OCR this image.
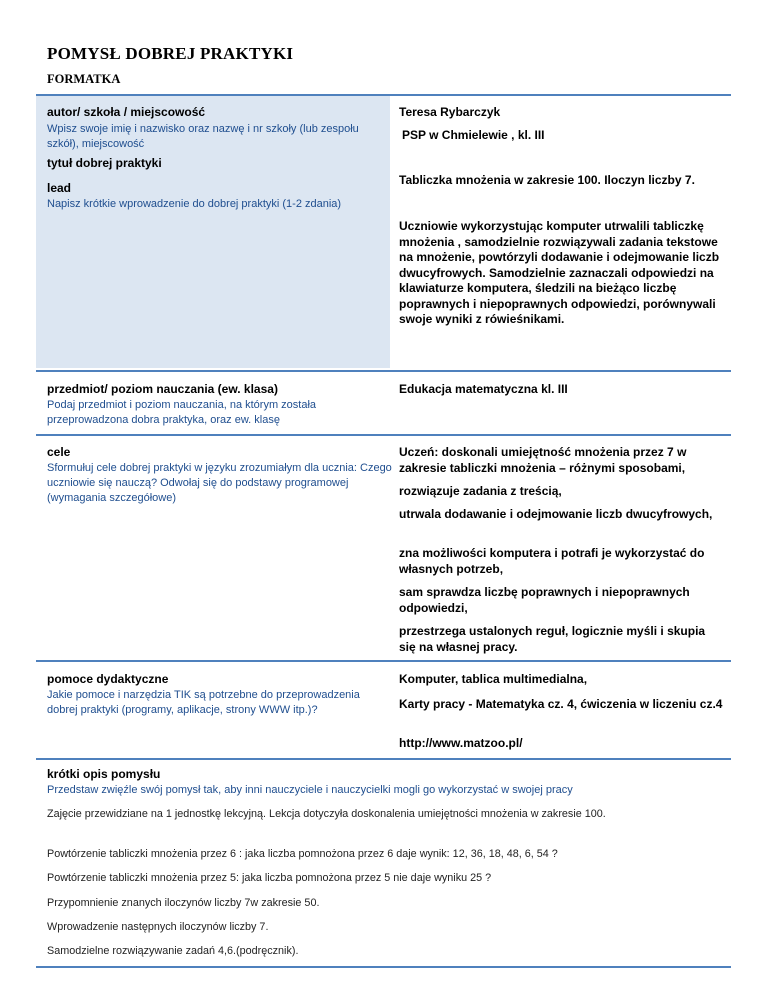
POMYSŁ DOBREJ PRAKTYKI
FORMATKA
autor/ szkoła / miejscowość
Wpisz swoje imię i nazwisko oraz nazwę i nr szkoły (lub zespołu szkół), miejscowość
Teresa Rybarczyk
PSP w Chmielewie , kl. III
tytuł dobrej praktyki
lead
Napisz krótkie wprowadzenie do dobrej praktyki (1-2 zdania)
Tabliczka mnożenia w zakresie 100. Iloczyn liczby 7.
Uczniowie wykorzystując komputer utrwalili tabliczkę mnożenia , samodzielnie rozwiązywali zadania tekstowe na mnożenie, powtórzyli dodawanie i odejmowanie liczb dwucyfrowych. Samodzielnie zaznaczali odpowiedzi na klawiaturze komputera, śledzili na bieżąco liczbę poprawnych i niepoprawnych odpowiedzi, porównywali swoje wyniki z rówieśnikami.
przedmiot/ poziom nauczania (ew. klasa)
Podaj przedmiot i poziom nauczania, na którym została przeprowadzona dobra praktyka, oraz ew. klasę
Edukacja matematyczna kl. III
cele
Sformułuj cele dobrej praktyki w języku zrozumiałym dla ucznia: Czego uczniowie się nauczą? Odwołaj się do podstawy programowej (wymagania szczegółowe)
Uczeń: doskonali umiejętność mnożenia przez 7 w zakresie tabliczki mnożenia – różnymi sposobami,
rozwiązuje zadania z treścią,
utrwala dodawanie i odejmowanie liczb dwucyfrowych,
zna możliwości komputera i potrafi je wykorzystać do własnych potrzeb,
sam sprawdza liczbę poprawnych i niepoprawnych odpowiedzi,
przestrzega ustalonych reguł, logicznie myśli i skupia się na własnej pracy.
pomoce dydaktyczne
Jakie pomoce i narzędzia TIK są potrzebne do przeprowadzenia dobrej praktyki (programy, aplikacje, strony WWW itp.)?
Komputer, tablica multimedialna,
Karty pracy - Matematyka cz. 4, ćwiczenia w liczeniu cz.4
http://www.matzoo.pl/
krótki opis pomysłu
Przedstaw zwięźle swój pomysł tak, aby inni nauczyciele i nauczycielki mogli go wykorzystać w swojej pracy
Zajęcie przewidziane na 1 jednostkę lekcyjną. Lekcja dotyczyła doskonalenia umiejętności mnożenia w zakresie 100.
Powtórzenie tabliczki mnożenia przez 6 : jaka liczba pomnożona przez 6 daje wynik: 12, 36, 18, 48, 6, 54 ?
Powtórzenie tabliczki mnożenia przez 5: jaka liczba pomnożona przez 5 nie daje wyniku 25 ?
Przypomnienie znanych iloczynów liczby 7w zakresie 50.
Wprowadzenie następnych iloczynów liczby 7.
Samodzielne rozwiązywanie zadań 4,6.(podręcznik).
